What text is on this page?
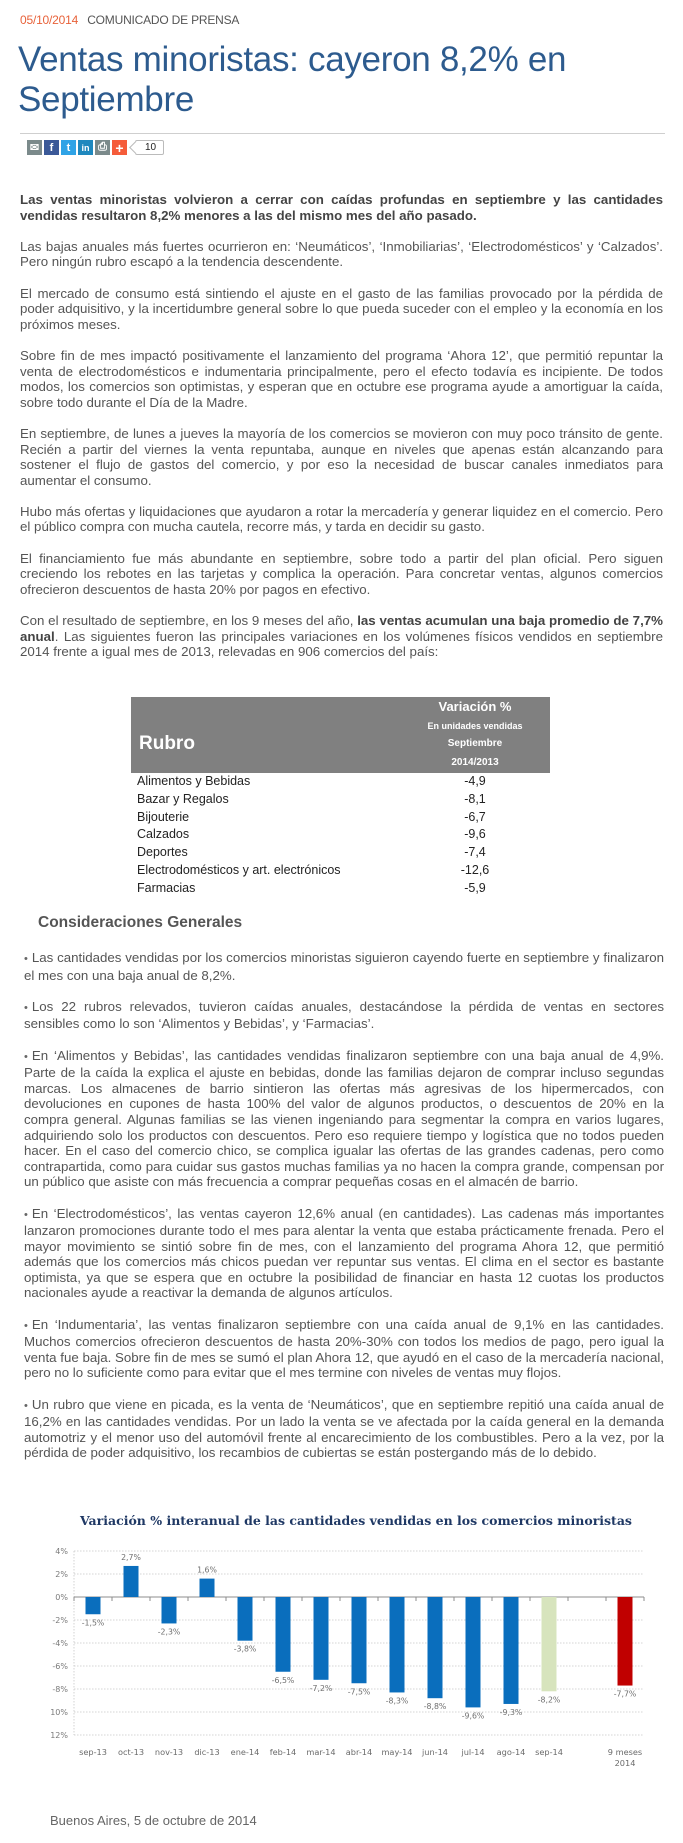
05/10/2014 COMUNICADO DE PRENSA
Ventas minoristas: cayeron 8,2% en Septiembre
✉ f	t	in ⎙ +	10

Las ventas minoristas volvieron a cerrar con caídas profundas en septiembre y las cantidades vendidas resultaron 8,2% menores a las del mismo mes del año pasado.

Las bajas anuales más fuertes ocurrieron en: ‘Neumáticos’, ‘Inmobiliarias’, ‘Electrodomésticos’ y ‘Calzados’. Pero ningún rubro escapó a la tendencia descendente.

El mercado de consumo está sintiendo el ajuste en el gasto de las familias provocado por la pérdida de poder adquisitivo, y la incertidumbre general sobre lo que pueda suceder con el empleo y la economía en los próximos meses.

Sobre fin de mes impactó positivamente el lanzamiento del programa ‘Ahora 12’, que permitió repuntar la venta de electrodomésticos e indumentaria principalmente, pero el efecto todavía es incipiente. De todos modos, los comercios son optimistas, y esperan que en octubre ese programa ayude a amortiguar la caída, sobre todo durante el Día de la Madre.

En septiembre, de lunes a jueves la mayoría de los comercios se movieron con muy poco tránsito de gente. Recién a partir del viernes la venta repuntaba, aunque en niveles que apenas están alcanzando para sostener el flujo de gastos del comercio, y por eso la necesidad de buscar canales inmediatos para aumentar el consumo.

Hubo más ofertas y liquidaciones que ayudaron a rotar la mercadería y generar liquidez en el comercio. Pero el público compra con mucha cautela, recorre más, y tarda en decidir su gasto.

El financiamiento fue más abundante en septiembre, sobre todo a partir del plan oficial. Pero siguen creciendo los rebotes en las tarjetas y complica la operación. Para concretar ventas, algunos comercios ofrecieron descuentos de hasta 20% por pagos en efectivo.

Con el resultado de septiembre, en los 9 meses del año, las ventas acumulan una baja promedio de 7,7% anual. Las siguientes fueron las principales variaciones en los volúmenes físicos vendidos en septiembre 2014 frente a igual mes de 2013, relevadas en 906 comercios del país:

Rubro	Variación %
En unidades vendidas
Septiembre
2014/2013

Alimentos y Bebidas	-4,9
Bazar y Regalos	-8,1
Bijouterie	-6,7
Calzados	-9,6
Deportes	-7,4
Electrodomésticos y art. electrónicos	-12,6
Farmacias	-5,9
Consideraciones Generales

• Las cantidades vendidas por los comercios minoristas siguieron cayendo fuerte en septiembre y finalizaron el mes con una baja anual de 8,2%.

• Los 22 rubros relevados, tuvieron caídas anuales, destacándose la pérdida de ventas en sectores sensibles como lo son ‘Alimentos y Bebidas’, y ‘Farmacias’.

• En ‘Alimentos y Bebidas’, las cantidades vendidas finalizaron septiembre con una baja anual de 4,9%. Parte de la caída la explica el ajuste en bebidas, donde las familias dejaron de comprar incluso segundas marcas. Los almacenes de barrio sintieron las ofertas más agresivas de los hipermercados, con devoluciones en cupones de hasta 100% del valor de algunos productos, o descuentos de 20% en la compra general. Algunas familias se las vienen ingeniando para segmentar la compra en varios lugares, adquiriendo solo los productos con descuentos. Pero eso requiere tiempo y logística que no todos pueden hacer. En el caso del comercio chico, se complica igualar las ofertas de las grandes cadenas, pero como contrapartida, como para cuidar sus gastos muchas familias ya no hacen la compra grande, compensan por un público que asiste con más frecuencia a comprar pequeñas cosas en el almacén de barrio.

• En ‘Electrodomésticos’, las ventas cayeron 12,6% anual (en cantidades). Las cadenas más importantes lanzaron promociones durante todo el mes para alentar la venta que estaba prácticamente frenada. Pero el mayor movimiento se sintió sobre fin de mes, con el lanzamiento del programa Ahora 12, que permitió además que los comercios más chicos puedan ver repuntar sus ventas. El clima en el sector es bastante optimista, ya que se espera que en octubre la posibilidad de financiar en hasta 12 cuotas los productos nacionales ayude a reactivar la demanda de algunos artículos.

• En ‘Indumentaria’, las ventas finalizaron septiembre con una caída anual de 9,1% en las cantidades. Muchos comercios ofrecieron descuentos de hasta 20%-30% con todos los medios de pago, pero igual la venta fue baja. Sobre fin de mes se sumó el plan Ahora 12, que ayudó en el caso de la mercadería nacional, pero no lo suficiente como para evitar que el mes termine con niveles de ventas muy flojos.

• Un rubro que viene en picada, es la venta de ‘Neumáticos’, que en septiembre repitió una caída anual de 16,2% en las cantidades vendidas. Por un lado la venta se ve afectada por la caída general en la demanda automotriz y el menor uso del automóvil frente al encarecimiento de los combustibles. Pero a la vez, por la pérdida de poder adquisitivo, los recambios de cubiertas se están postergando más de lo debido.

Variación % interanual de las cantidades vendidas en los comercios minoristas
4%
2%
0%
-2%
-4%
-6%
-8%
10%
12%
-1,5%
sep-13
2,7%
oct-13
-2,3%
nov-13
1,6%
dic-13
-3,8%
ene-14
-6,5%
feb-14
-7,2%
mar-14
-7,5%
abr-14
-8,3%
may-14
-8,8%
jun-14
-9,6%
jul-14
-9,3%
ago-14
-8,2%
sep-14
-7,7%
9 meses 2014
Buenos Aires, 5 de octubre de 2014
